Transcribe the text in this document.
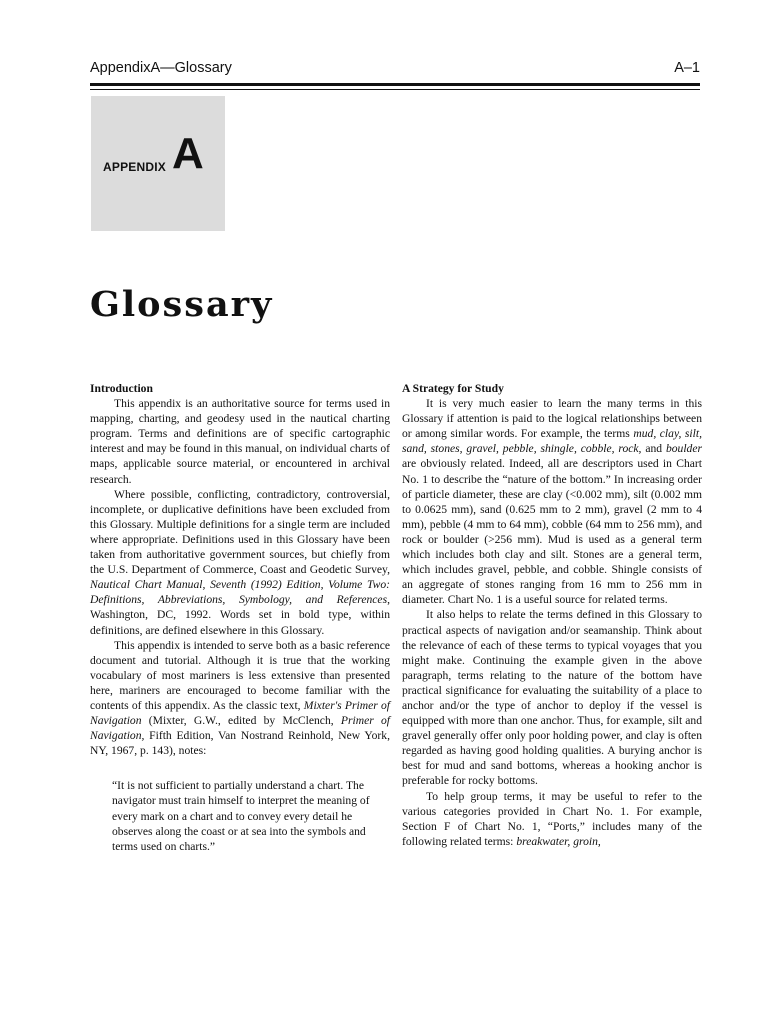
AppendixA—Glossary	A–1
APPENDIX A
Glossary
Introduction

This appendix is an authoritative source for terms used in mapping, charting, and geodesy used in the nautical charting program. Terms and definitions are of specific cartographic interest and may be found in this manual, on individual charts of maps, applicable source material, or encountered in archival research.

Where possible, conflicting, contradictory, controversial, incomplete, or duplicative definitions have been excluded from this Glossary. Multiple definitions for a single term are included where appropriate. Definitions used in this Glossary have been taken from authoritative government sources, but chiefly from the U.S. Department of Commerce, Coast and Geodetic Survey, Nautical Chart Manual, Seventh (1992) Edition, Volume Two: Definitions, Abbreviations, Symbology, and References, Washington, DC, 1992. Words set in bold type, within definitions, are defined elsewhere in this Glossary.

This appendix is intended to serve both as a basic reference document and tutorial. Although it is true that the working vocabulary of most mariners is less extensive than presented here, mariners are encouraged to become familiar with the contents of this appendix. As the classic text, Mixter's Primer of Navigation (Mixter, G.W., edited by McClench, Primer of Navigation, Fifth Edition, Van Nostrand Reinhold, New York, NY, 1967, p. 143), notes:

“It is not sufficient to partially understand a chart. The navigator must train himself to interpret the meaning of every mark on a chart and to convey every detail he observes along the coast or at sea into the symbols and terms used on charts.”

A Strategy for Study

It is very much easier to learn the many terms in this Glossary if attention is paid to the logical relationships between or among similar words. For example, the terms mud, clay, silt, sand, stones, gravel, pebble, shingle, cobble, rock, and boulder are obviously related. Indeed, all are descriptors used in Chart No. 1 to describe the “nature of the bottom.” In increasing order of particle diameter, these are clay (<0.002 mm), silt (0.002 mm to 0.0625 mm), sand (0.625 mm to 2 mm), gravel (2 mm to 4 mm), pebble (4 mm to 64 mm), cobble (64 mm to 256 mm), and rock or boulder (>256 mm). Mud is used as a general term which includes both clay and silt. Stones are a general term, which includes gravel, pebble, and cobble. Shingle consists of an aggregate of stones ranging from 16 mm to 256 mm in diameter. Chart No. 1 is a useful source for related terms.

It also helps to relate the terms defined in this Glossary to practical aspects of navigation and/or seamanship. Think about the relevance of each of these terms to typical voyages that you might make. Continuing the example given in the above paragraph, terms relating to the nature of the bottom have practical significance for evaluating the suitability of a place to anchor and/or the type of anchor to deploy if the vessel is equipped with more than one anchor. Thus, for example, silt and gravel generally offer only poor holding power, and clay is often regarded as having good holding qualities. A burying anchor is best for mud and sand bottoms, whereas a hooking anchor is preferable for rocky bottoms.

To help group terms, it may be useful to refer to the various categories provided in Chart No. 1. For example, Section F of Chart No. 1, “Ports,” includes many of the following related terms: breakwater, groin,
